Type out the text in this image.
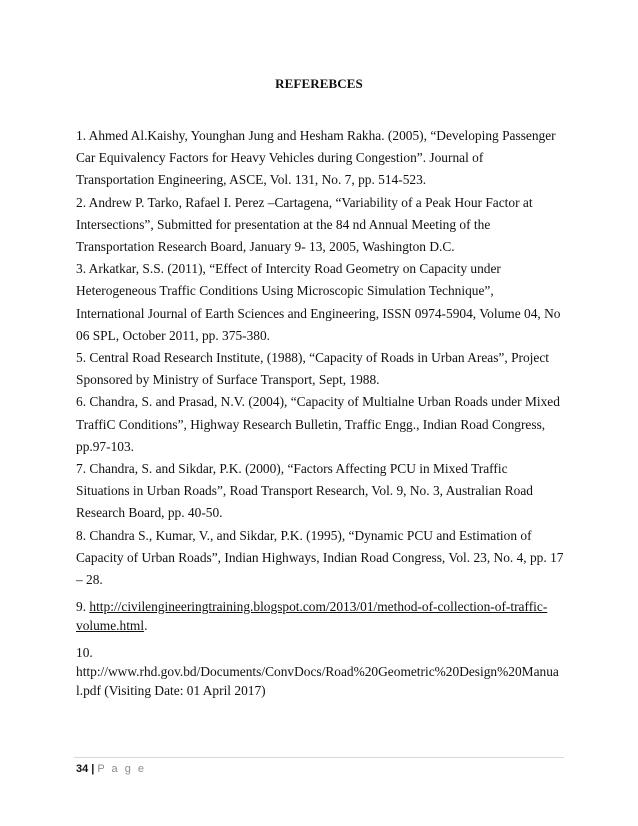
REFEREBCES

1. Ahmed Al.Kaishy, Younghan Jung and Hesham Rakha. (2005), “Developing Passenger Car Equivalency Factors for Heavy Vehicles during Congestion”. Journal of Transportation Engineering, ASCE, Vol. 131, No. 7, pp. 514-523.

2. Andrew P. Tarko, Rafael I. Perez –Cartagena, “Variability of a Peak Hour Factor at Intersections”, Submitted for presentation at the 84 nd Annual Meeting of the Transportation Research Board, January 9- 13, 2005, Washington D.C.

3. Arkatkar, S.S. (2011), “Effect of Intercity Road Geometry on Capacity under Heterogeneous Traffic Conditions Using Microscopic Simulation Technique”, International Journal of Earth Sciences and Engineering, ISSN 0974-5904, Volume 04, No 06 SPL, October 2011, pp. 375-380.

5. Central Road Research Institute, (1988), “Capacity of Roads in Urban Areas”, Project Sponsored by Ministry of Surface Transport, Sept, 1988.

6. Chandra, S. and Prasad, N.V. (2004), “Capacity of Multialne Urban Roads under Mixed TraffiC Conditions”, Highway Research Bulletin, Traffic Engg., Indian Road Congress, pp.97-103.

7. Chandra, S. and Sikdar, P.K. (2000), “Factors Affecting PCU in Mixed Traffic Situations in Urban Roads”, Road Transport Research, Vol. 9, No. 3, Australian Road Research Board, pp. 40-50.

8. Chandra S., Kumar, V., and Sikdar, P.K. (1995), “Dynamic PCU and Estimation of Capacity of Urban Roads”, Indian Highways, Indian Road Congress, Vol. 23, No. 4, pp. 17 – 28.

9. http://civilengineeringtraining.blogspot.com/2013/01/method-of-collection-of-traffic-volume.html.

10.
http://www.rhd.gov.bd/Documents/ConvDocs/Road%20Geometric%20Design%20Manual.pdf (Visiting Date: 01 April 2017)

34 | P a g e
